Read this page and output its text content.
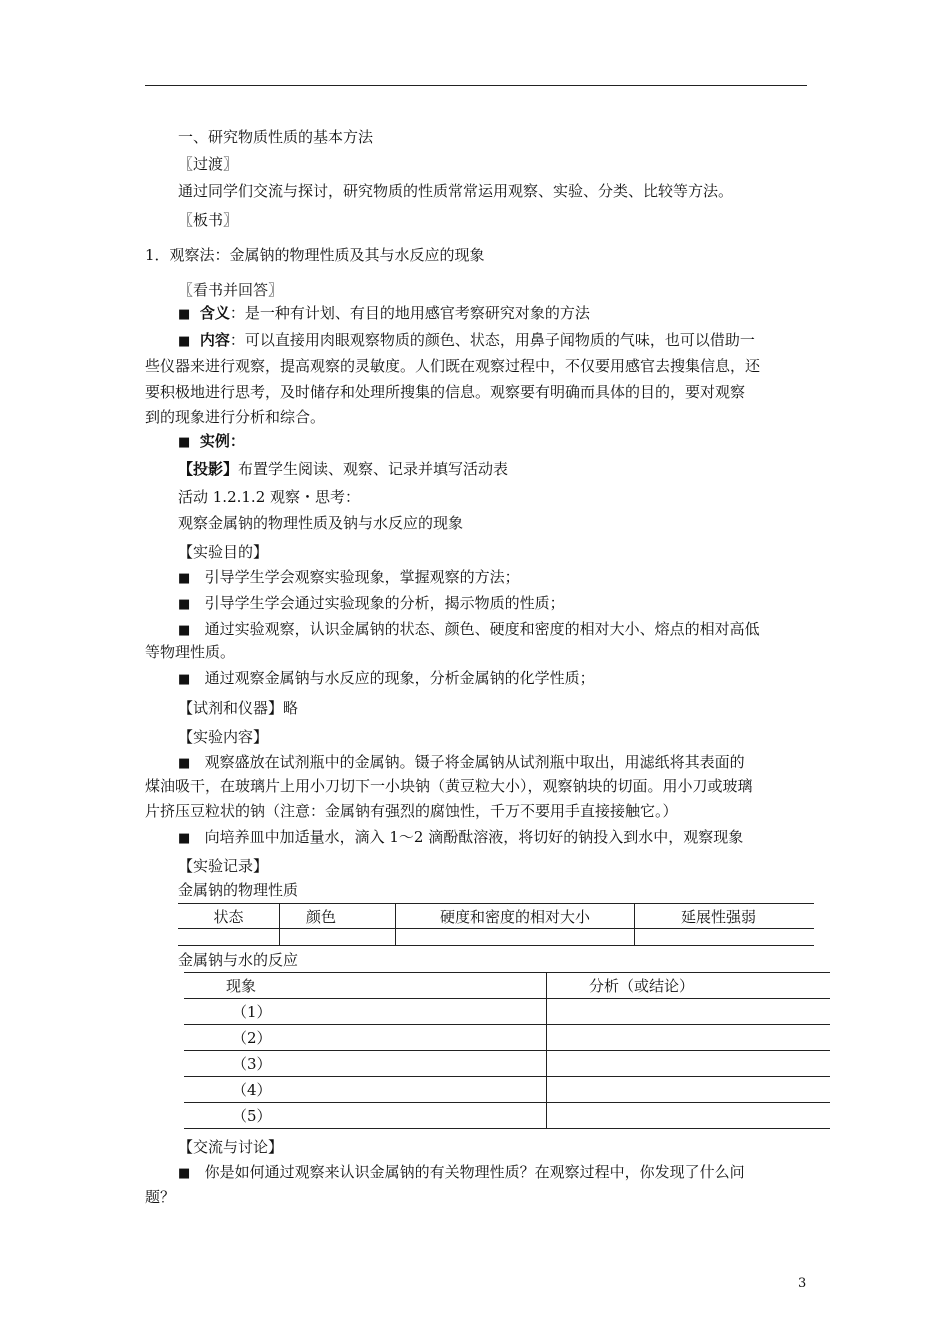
一、研究物质性质的基本方法
〖过渡〗
通过同学们交流与探讨，研究物质的性质常常运用观察、实验、分类、比较等方法。
〖板书〗
1．观察法：金属钠的物理性质及其与水反应的现象
〖看书并回答〗
■ 含义：是一种有计划、有目的地用感官考察研究对象的方法
■ 内容：可以直接用肉眼观察物质的颜色、状态，用鼻子闻物质的气味，也可以借助一
些仪器来进行观察，提高观察的灵敏度。人们既在观察过程中，不仅要用感官去搜集信息，还
要积极地进行思考，及时储存和处理所搜集的信息。观察要有明确而具体的目的，要对观察
到的现象进行分析和综合。
■ 实例：
【投影】布置学生阅读、观察、记录并填写活动表
活动 1.2.1.2 观察・思考：
观察金属钠的物理性质及钠与水反应的现象
【实验目的】
■ 引导学生学会观察实验现象，掌握观察的方法；
■ 引导学生学会通过实验现象的分析，揭示物质的性质；
■ 通过实验观察，认识金属钠的状态、颜色、硬度和密度的相对大小、熔点的相对高低
等物理性质。
■ 通过观察金属钠与水反应的现象，分析金属钠的化学性质；
【试剂和仪器】略
【实验内容】
■ 观察盛放在试剂瓶中的金属钠。镊子将金属钠从试剂瓶中取出，用滤纸将其表面的
煤油吸干，在玻璃片上用小刀切下一小块钠（黄豆粒大小），观察钠块的切面。用小刀或玻璃
片挤压豆粒状的钠（注意：金属钠有强烈的腐蚀性，千万不要用手直接接触它。）
■ 向培养皿中加适量水，滴入 1～2 滴酚酞溶液，将切好的钠投入到水中，观察现象
【实验记录】
金属钠的物理性质
状态	颜色	硬度和密度的相对大小	延展性强弱

金属钠与水的反应
现象	分析（或结论）
（1）	
（2）	
（3）	
（4）	
（5）	
【交流与讨论】
■ 你是如何通过观察来认识金属钠的有关物理性质？在观察过程中，你发现了什么问
题？
3
